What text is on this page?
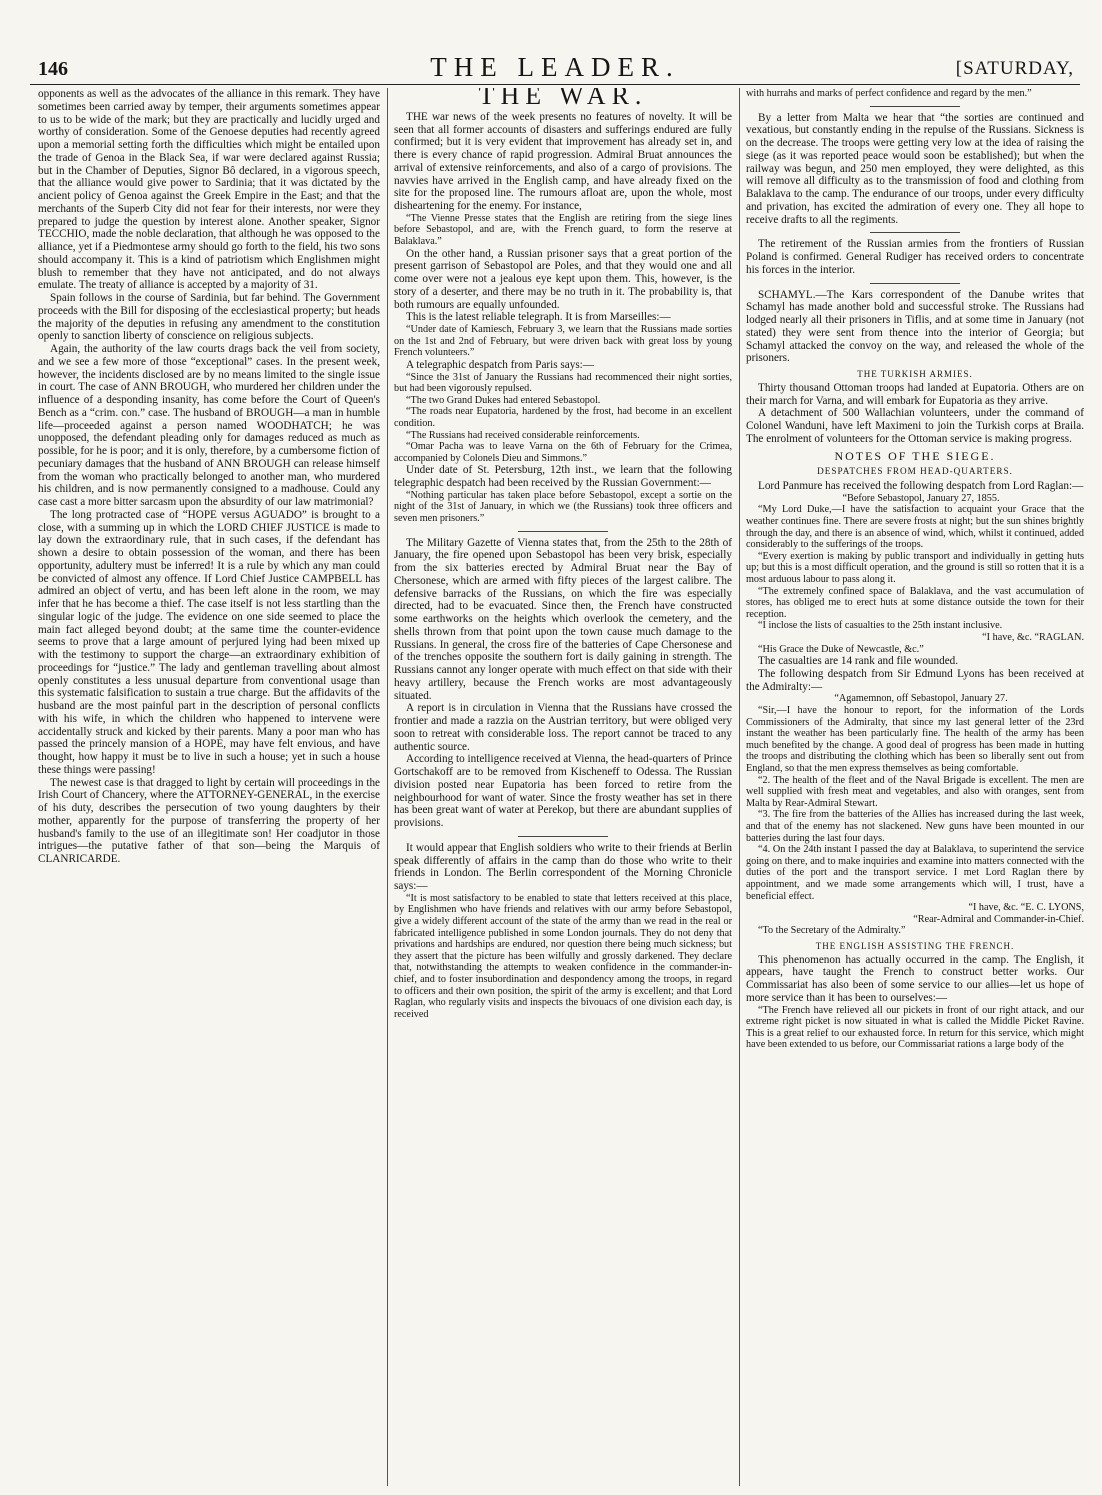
146	THE LEADER.	[SATURDAY,

opponents as well as the advocates of the alliance in this remark. They have sometimes been carried away by temper, their arguments sometimes appear to us to be wide of the mark; but they are practically and lucidly urged and worthy of consideration. Some of the Genoese deputies had recently agreed upon a memorial setting forth the difficulties which might be entailed upon the trade of Genoa in the Black Sea, if war were declared against Russia; but in the Chamber of Deputies, Signor Bô declared, in a vigorous speech, that the alliance would give power to Sardinia; that it was dictated by the ancient policy of Genoa against the Greek Empire in the East; and that the merchants of the Superb City did not fear for their interests, nor were they prepared to judge the question by interest alone. Another speaker, Signor TECCHIO, made the noble declaration, that although he was opposed to the alliance, yet if a Piedmontese army should go forth to the field, his two sons should accompany it. This is a kind of patriotism which Englishmen might blush to remember that they have not anticipated, and do not always emulate. The treaty of alliance is accepted by a majority of 31.

Spain follows in the course of Sardinia, but far behind. The Government proceeds with the Bill for disposing of the ecclesiastical property; but heads the majority of the deputies in refusing any amendment to the constitution openly to sanction liberty of conscience on religious subjects.

Again, the authority of the law courts drags back the veil from society, and we see a few more of those “exceptional” cases. In the present week, however, the incidents disclosed are by no means limited to the single issue in court. The case of ANN BROUGH, who murdered her children under the influence of a desponding insanity, has come before the Court of Queen's Bench as a “crim. con.” case. The husband of BROUGH—a man in humble life—proceeded against a person named WOODHATCH; he was unopposed, the defendant pleading only for damages reduced as much as possible, for he is poor; and it is only, therefore, by a cumbersome fiction of pecuniary damages that the husband of ANN BROUGH can release himself from the woman who practically belonged to another man, who murdered his children, and is now permanently consigned to a madhouse. Could any case cast a more bitter sarcasm upon the absurdity of our law matrimonial?

The long protracted case of “HOPE versus AGUADO” is brought to a close, with a summing up in which the LORD CHIEF JUSTICE is made to lay down the extraordinary rule, that in such cases, if the defendant has shown a desire to obtain possession of the woman, and there has been opportunity, adultery must be inferred! It is a rule by which any man could be convicted of almost any offence. If Lord Chief Justice CAMPBELL has admired an object of vertu, and has been left alone in the room, we may infer that he has become a thief. The case itself is not less startling than the singular logic of the judge. The evidence on one side seemed to place the main fact alleged beyond doubt; at the same time the counter-evidence seems to prove that a large amount of perjured lying had been mixed up with the testimony to support the charge—an extraordinary exhibition of proceedings for “justice.” The lady and gentleman travelling about almost openly constitutes a less unusual departure from conventional usage than this systematic falsification to sustain a true charge. But the affidavits of the husband are the most painful part in the description of personal conflicts with his wife, in which the children who happened to intervene were accidentally struck and kicked by their parents. Many a poor man who has passed the princely mansion of a HOPE, may have felt envious, and have thought, how happy it must be to live in such a house; yet in such a house these things were passing!

The newest case is that dragged to light by certain will proceedings in the Irish Court of Chancery, where the ATTORNEY-GENERAL, in the exercise of his duty, describes the persecution of two young daughters by their mother, apparently for the purpose of transferring the property of her husband's family to the use of an illegitimate son! Her coadjutor in those intrigues—the putative father of that son—being the Marquis of CLANRICARDE.

THE WAR.

THE war news of the week presents no features of novelty. It will be seen that all former accounts of disasters and sufferings endured are fully confirmed; but it is very evident that improvement has already set in, and there is every chance of rapid progression. Admiral Bruat announces the arrival of extensive reinforcements, and also of a cargo of provisions. The navvies have arrived in the English camp, and have already fixed on the site for the proposed line. The rumours afloat are, upon the whole, most disheartening for the enemy. For instance,

“The Vienne Presse states that the English are retiring from the siege lines before Sebastopol, and are, with the French guard, to form the reserve at Balaklava.”

On the other hand, a Russian prisoner says that a great portion of the present garrison of Sebastopol are Poles, and that they would one and all come over were not a jealous eye kept upon them. This, however, is the story of a deserter, and there may be no truth in it. The probability is, that both rumours are equally unfounded.

This is the latest reliable telegraph. It is from Marseilles:—

“Under date of Kamiesch, February 3, we learn that the Russians made sorties on the 1st and 2nd of February, but were driven back with great loss by young French volunteers.”

A telegraphic despatch from Paris says:—

“Since the 31st of January the Russians had recommenced their night sorties, but had been vigorously repulsed.

“The two Grand Dukes had entered Sebastopol.

“The roads near Eupatoria, hardened by the frost, had become in an excellent condition.

“The Russians had received considerable reinforcements.

“Omar Pacha was to leave Varna on the 6th of February for the Crimea, accompanied by Colonels Dieu and Simmons.”

Under date of St. Petersburg, 12th inst., we learn that the following telegraphic despatch had been received by the Russian Government:—

“Nothing particular has taken place before Sebastopol, except a sortie on the night of the 31st of January, in which we (the Russians) took three officers and seven men prisoners.”

The Military Gazette of Vienna states that, from the 25th to the 28th of January, the fire opened upon Sebastopol has been very brisk, especially from the six batteries erected by Admiral Bruat near the Bay of Chersonese, which are armed with fifty pieces of the largest calibre. The defensive barracks of the Russians, on which the fire was especially directed, had to be evacuated. Since then, the French have constructed some earthworks on the heights which overlook the cemetery, and the shells thrown from that point upon the town cause much damage to the Russians. In general, the cross fire of the batteries of Cape Chersonese and of the trenches opposite the southern fort is daily gaining in strength. The Russians cannot any longer operate with much effect on that side with their heavy artillery, because the French works are most advantageously situated.

A report is in circulation in Vienna that the Russians have crossed the frontier and made a razzia on the Austrian territory, but were obliged very soon to retreat with considerable loss. The report cannot be traced to any authentic source.

According to intelligence received at Vienna, the head-quarters of Prince Gortschakoff are to be removed from Kischeneff to Odessa. The Russian division posted near Eupatoria has been forced to retire from the neighbourhood for want of water. Since the frosty weather has set in there has been great want of water at Perekop, but there are abundant supplies of provisions.

It would appear that English soldiers who write to their friends at Berlin speak differently of affairs in the camp than do those who write to their friends in London. The Berlin correspondent of the Morning Chronicle says:—

“It is most satisfactory to be enabled to state that letters received at this place, by Englishmen who have friends and relatives with our army before Sebastopol, give a widely different account of the state of the army than we read in the real or fabricated intelligence published in some London journals. They do not deny that privations and hardships are endured, nor question there being much sickness; but they assert that the picture has been wilfully and grossly darkened. They declare that, notwithstanding the attempts to weaken confidence in the commander-in-chief, and to foster insubordination and despondency among the troops, in regard to officers and their own position, the spirit of the army is excellent; and that Lord Raglan, who regularly visits and inspects the bivouacs of one division each day, is received

with hurrahs and marks of perfect confidence and regard by the men.”

By a letter from Malta we hear that “the sorties are continued and vexatious, but constantly ending in the repulse of the Russians. Sickness is on the decrease. The troops were getting very low at the idea of raising the siege (as it was reported peace would soon be established); but when the railway was begun, and 250 men employed, they were delighted, as this will remove all difficulty as to the transmission of food and clothing from Balaklava to the camp. The endurance of our troops, under every difficulty and privation, has excited the admiration of every one. They all hope to receive drafts to all the regiments.

The retirement of the Russian armies from the frontiers of Russian Poland is confirmed. General Rudiger has received orders to concentrate his forces in the interior.

SCHAMYL.—The Kars correspondent of the Danube writes that Schamyl has made another bold and successful stroke. The Russians had lodged nearly all their prisoners in Tiflis, and at some time in January (not stated) they were sent from thence into the interior of Georgia; but Schamyl attacked the convoy on the way, and released the whole of the prisoners.

THE TURKISH ARMIES.

Thirty thousand Ottoman troops had landed at Eupatoria. Others are on their march for Varna, and will embark for Eupatoria as they arrive.

A detachment of 500 Wallachian volunteers, under the command of Colonel Wanduni, have left Maximeni to join the Turkish corps at Braila. The enrolment of volunteers for the Ottoman service is making progress.

NOTES OF THE SIEGE.
DESPATCHES FROM HEAD-QUARTERS.

Lord Panmure has received the following despatch from Lord Raglan:—

“Before Sebastopol, January 27, 1855.

“My Lord Duke,—I have the satisfaction to acquaint your Grace that the weather continues fine. There are severe frosts at night; but the sun shines brightly through the day, and there is an absence of wind, which, whilst it continued, added considerably to the sufferings of the troops.

“Every exertion is making by public transport and individually in getting huts up; but this is a most difficult operation, and the ground is still so rotten that it is a most arduous labour to pass along it.

“The extremely confined space of Balaklava, and the vast accumulation of stores, has obliged me to erect huts at some distance outside the town for their reception.

“I inclose the lists of casualties to the 25th instant inclusive.

“I have, &c. “RAGLAN.

“His Grace the Duke of Newcastle, &c.”

The casualties are 14 rank and file wounded.

The following despatch from Sir Edmund Lyons has been received at the Admiralty:—

“Agamemnon, off Sebastopol, January 27.

“Sir,—I have the honour to report, for the information of the Lords Commissioners of the Admiralty, that since my last general letter of the 23rd instant the weather has been particularly fine. The health of the army has been much benefited by the change. A good deal of progress has been made in hutting the troops and distributing the clothing which has been so liberally sent out from England, so that the men express themselves as being comfortable.

“2. The health of the fleet and of the Naval Brigade is excellent. The men are well supplied with fresh meat and vegetables, and also with oranges, sent from Malta by Rear-Admiral Stewart.

“3. The fire from the batteries of the Allies has increased during the last week, and that of the enemy has not slackened. New guns have been mounted in our batteries during the last four days.

“4. On the 24th instant I passed the day at Balaklava, to superintend the service going on there, and to make inquiries and examine into matters connected with the duties of the port and the transport service. I met Lord Raglan there by appointment, and we made some arrangements which will, I trust, have a beneficial effect.

“I have, &c. “E. C. LYONS,

“Rear-Admiral and Commander-in-Chief.

“To the Secretary of the Admiralty.”

THE ENGLISH ASSISTING THE FRENCH.

This phenomenon has actually occurred in the camp. The English, it appears, have taught the French to construct better works. Our Commissariat has also been of some service to our allies—let us hope of more service than it has been to ourselves:—

“The French have relieved all our pickets in front of our right attack, and our extreme right picket is now situated in what is called the Middle Picket Ravine. This is a great relief to our exhausted force. In return for this service, which might have been extended to us before, our Commissariat rations a large body of the
